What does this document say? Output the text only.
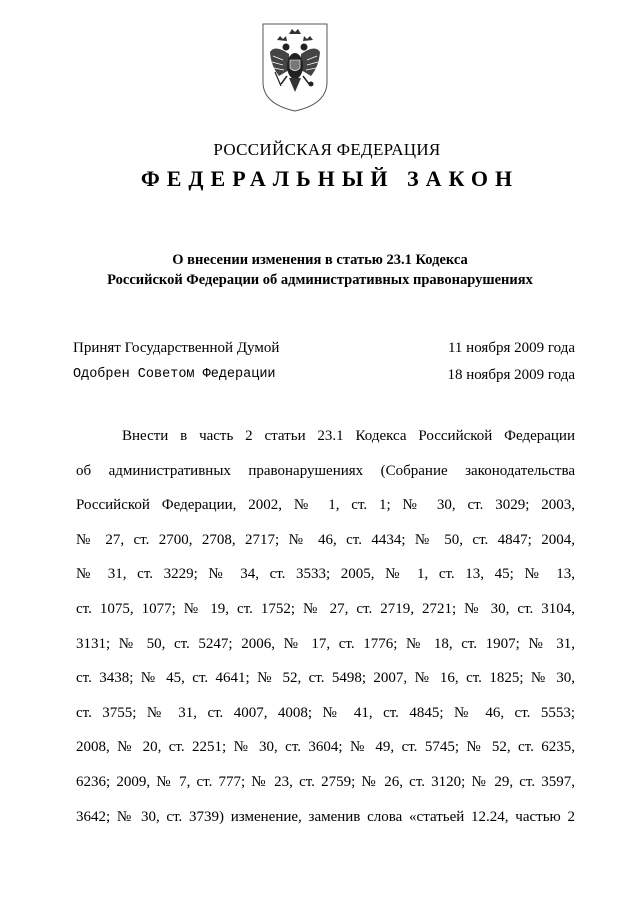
РОССИЙСКАЯ ФЕДЕРАЦИЯ
ФЕДЕРАЛЬНЫЙ ЗАКОН
О внесении изменения в статью 23.1 Кодекса
Российской Федерации об административных правонарушениях
Принят Государственной Думой	11 ноября 2009 года
Одобрен Советом Федерации	18 ноября 2009 года
Внести в часть 2 статьи 23.1 Кодекса Российской Федерации
об административных правонарушениях (Собрание законодательства
Российской Федерации, 2002, № 1, ст. 1; № 30, ст. 3029; 2003,
№ 27, ст. 2700, 2708, 2717; № 46, ст. 4434; № 50, ст. 4847; 2004,
№ 31, ст. 3229; № 34, ст. 3533; 2005, № 1, ст. 13, 45; № 13,
ст. 1075, 1077; № 19, ст. 1752; № 27, ст. 2719, 2721; № 30, ст. 3104,
3131; № 50, ст. 5247; 2006, № 17, ст. 1776; № 18, ст. 1907; № 31,
ст. 3438; № 45, ст. 4641; № 52, ст. 5498; 2007, № 16, ст. 1825; № 30,
ст. 3755; № 31, ст. 4007, 4008; № 41, ст. 4845; № 46, ст. 5553;
2008, № 20, ст. 2251; № 30, ст. 3604; № 49, ст. 5745; № 52, ст. 6235,
6236; 2009, № 7, ст. 777; № 23, ст. 2759; № 26, ст. 3120; № 29, ст. 3597,
3642; № 30, ст. 3739) изменение, заменив слова «статьей 12.24, частью 2
